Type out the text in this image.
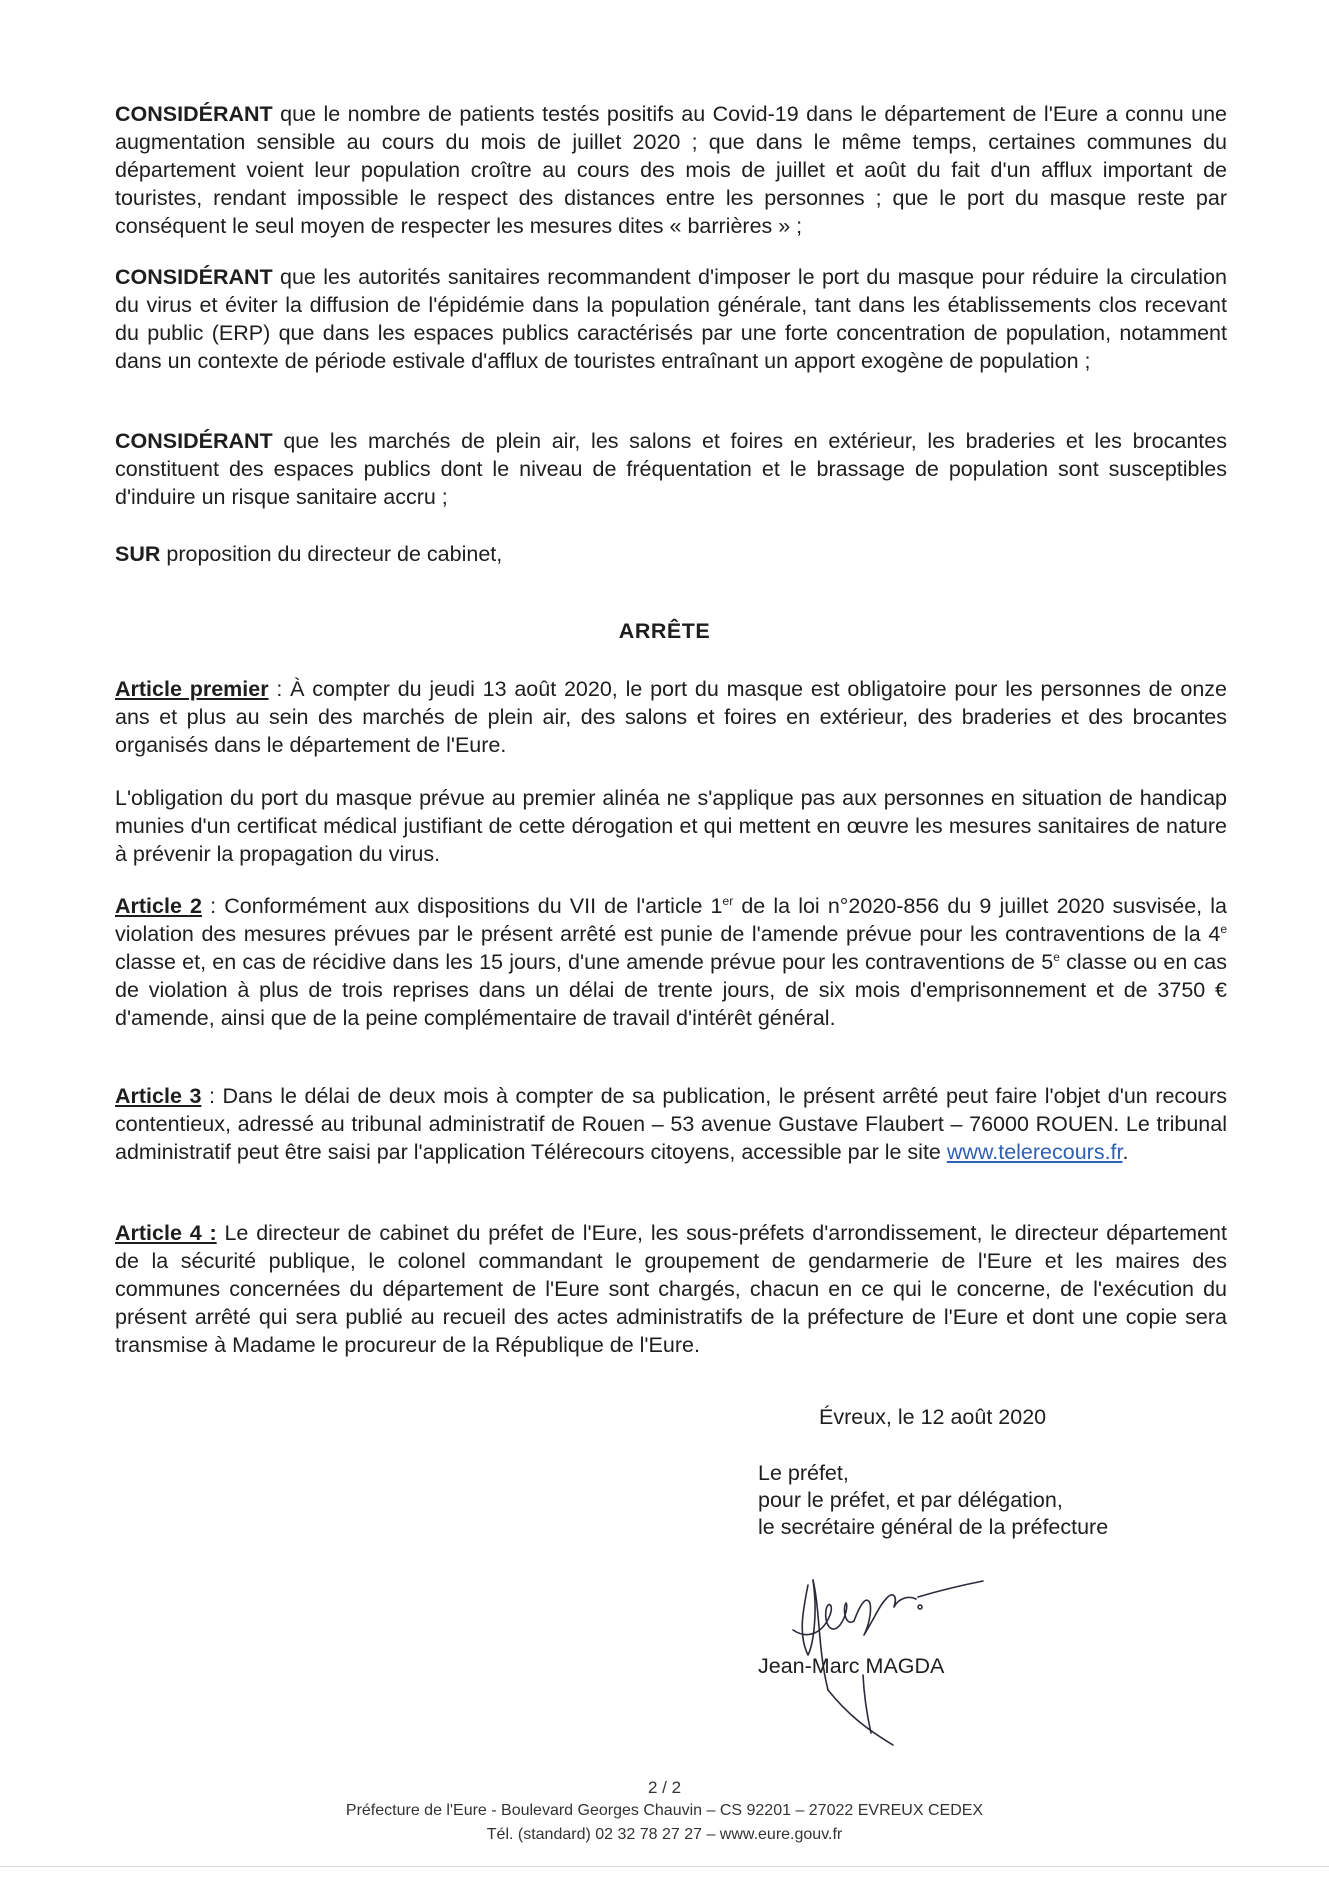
CONSIDÉRANT que le nombre de patients testés positifs au Covid-19 dans le département de l'Eure a connu une augmentation sensible au cours du mois de juillet 2020 ; que dans le même temps, certaines communes du département voient leur population croître au cours des mois de juillet et août du fait d'un afflux important de touristes, rendant impossible le respect des distances entre les personnes ; que le port du masque reste par conséquent le seul moyen de respecter les mesures dites « barrières » ;

CONSIDÉRANT que les autorités sanitaires recommandent d'imposer le port du masque pour réduire la circulation du virus et éviter la diffusion de l'épidémie dans la population générale, tant dans les établissements clos recevant du public (ERP) que dans les espaces publics caractérisés par une forte concentration de population, notamment dans un contexte de période estivale d'afflux de touristes entraînant un apport exogène de population ;

CONSIDÉRANT que les marchés de plein air, les salons et foires en extérieur, les braderies et les brocantes constituent des espaces publics dont le niveau de fréquentation et le brassage de population sont susceptibles d'induire un risque sanitaire accru ;

SUR proposition du directeur de cabinet,

ARRÊTE

Article premier : À compter du jeudi 13 août 2020, le port du masque est obligatoire pour les personnes de onze ans et plus au sein des marchés de plein air, des salons et foires en extérieur, des braderies et des brocantes organisés dans le département de l'Eure.

L'obligation du port du masque prévue au premier alinéa ne s'applique pas aux personnes en situation de handicap munies d'un certificat médical justifiant de cette dérogation et qui mettent en œuvre les mesures sanitaires de nature à prévenir la propagation du virus.

Article 2 : Conformément aux dispositions du VII de l'article 1er de la loi n°2020-856 du 9 juillet 2020 susvisée, la violation des mesures prévues par le présent arrêté est punie de l'amende prévue pour les contraventions de la 4e classe et, en cas de récidive dans les 15 jours, d'une amende prévue pour les contraventions de 5e classe ou en cas de violation à plus de trois reprises dans un délai de trente jours, de six mois d'emprisonnement et de 3750 € d'amende, ainsi que de la peine complémentaire de travail d'intérêt général.

Article 3 : Dans le délai de deux mois à compter de sa publication, le présent arrêté peut faire l'objet d'un recours contentieux, adressé au tribunal administratif de Rouen – 53 avenue Gustave Flaubert – 76000 ROUEN. Le tribunal administratif peut être saisi par l'application Télérecours citoyens, accessible par le site www.telerecours.fr.

Article 4 : Le directeur de cabinet du préfet de l'Eure, les sous-préfets d'arrondissement, le directeur département de la sécurité publique, le colonel commandant le groupement de gendarmerie de l'Eure et les maires des communes concernées du département de l'Eure sont chargés, chacun en ce qui le concerne, de l'exécution du présent arrêté qui sera publié au recueil des actes administratifs de la préfecture de l'Eure et dont une copie sera transmise à Madame le procureur de la République de l'Eure.

Évreux, le 12 août 2020
Le préfet,
pour le préfet, et par délégation,
le secrétaire général de la préfecture
Jean-Marc MAGDA
2 / 2
Préfecture de l'Eure - Boulevard Georges Chauvin – CS 92201 – 27022 EVREUX CEDEX
Tél. (standard) 02 32 78 27 27 – www.eure.gouv.fr
